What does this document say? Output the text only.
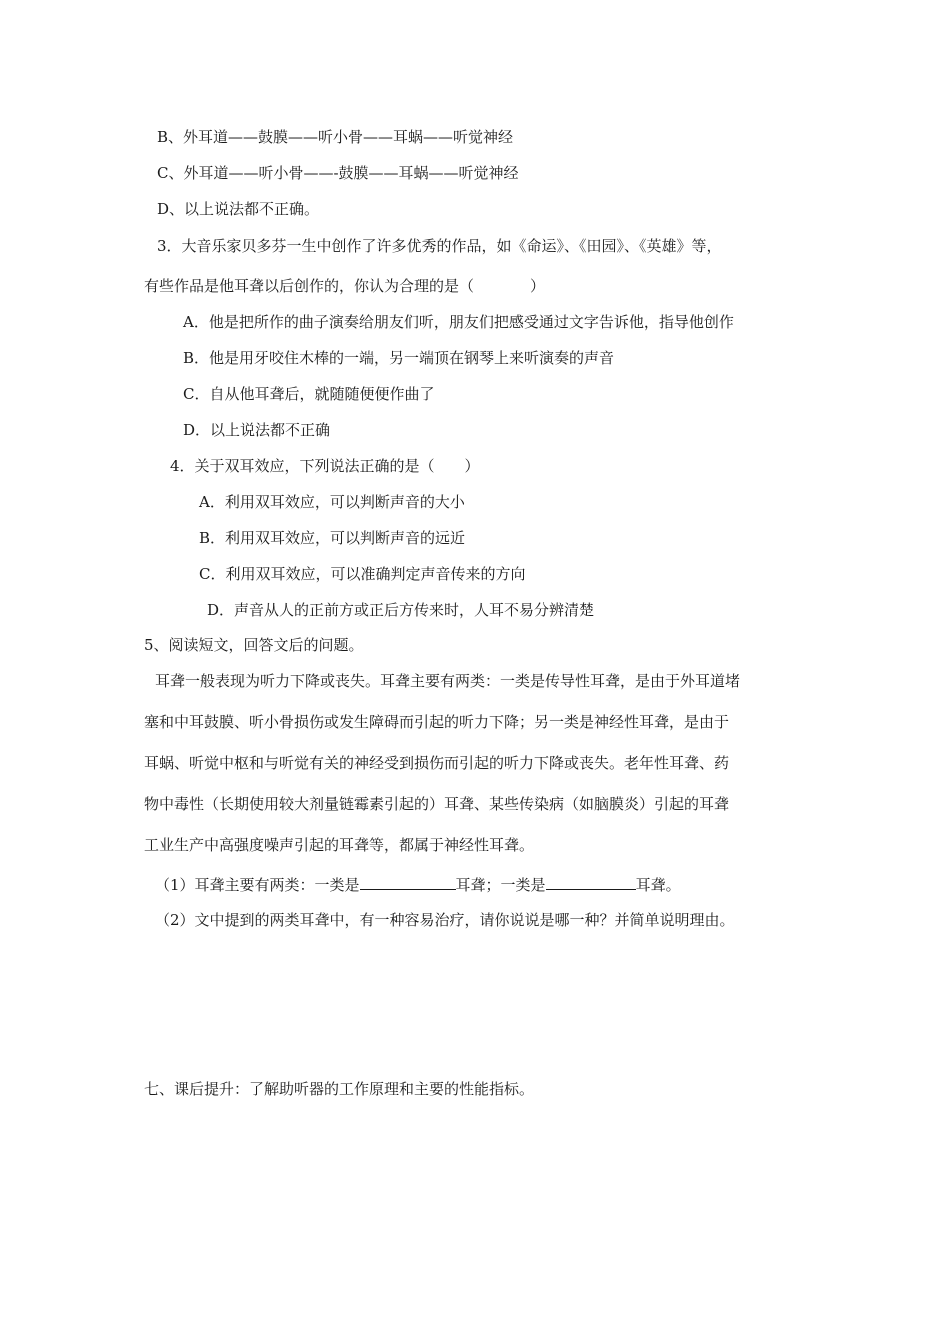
B、外耳道——鼓膜——听小骨——耳蜗——听觉神经
C、外耳道——听小骨——-鼓膜——耳蜗——听觉神经
D、以上说法都不正确。
3．大音乐家贝多芬一生中创作了许多优秀的作品，如《命运》、《田园》、《英雄》等，
有些作品是他耳聋以后创作的，你认为合理的是（	）
A．他是把所作的曲子演奏给朋友们听，朋友们把感受通过文字告诉他，指导他创作
B．他是用牙咬住木棒的一端，另一端顶在钢琴上来听演奏的声音
C．自从他耳聋后，就随随便便作曲了
D．以上说法都不正确
4．关于双耳效应，下列说法正确的是（ ）
A．利用双耳效应，可以判断声音的大小
B．利用双耳效应，可以判断声音的远近
C．利用双耳效应，可以准确判定声音传来的方向
D．声音从人的正前方或正后方传来时，人耳不易分辨清楚
5、阅读短文，回答文后的问题。
耳聋一般表现为听力下降或丧失。耳聋主要有两类：一类是传导性耳聋，是由于外耳道堵
塞和中耳鼓膜、听小骨损伤或发生障碍而引起的听力下降；另一类是神经性耳聋，是由于
耳蜗、听觉中枢和与听觉有关的神经受到损伤而引起的听力下降或丧失。老年性耳聋、药
物中毒性（长期使用较大剂量链霉素引起的）耳聋、某些传染病（如脑膜炎）引起的耳聋
工业生产中高强度噪声引起的耳聋等，都属于神经性耳聋。
（1）耳聋主要有两类：一类是	耳聋；一类是	耳聋。
（2）文中提到的两类耳聋中，有一种容易治疗，请你说说是哪一种？并简单说明理由。
七、课后提升：了解助听器的工作原理和主要的性能指标。
